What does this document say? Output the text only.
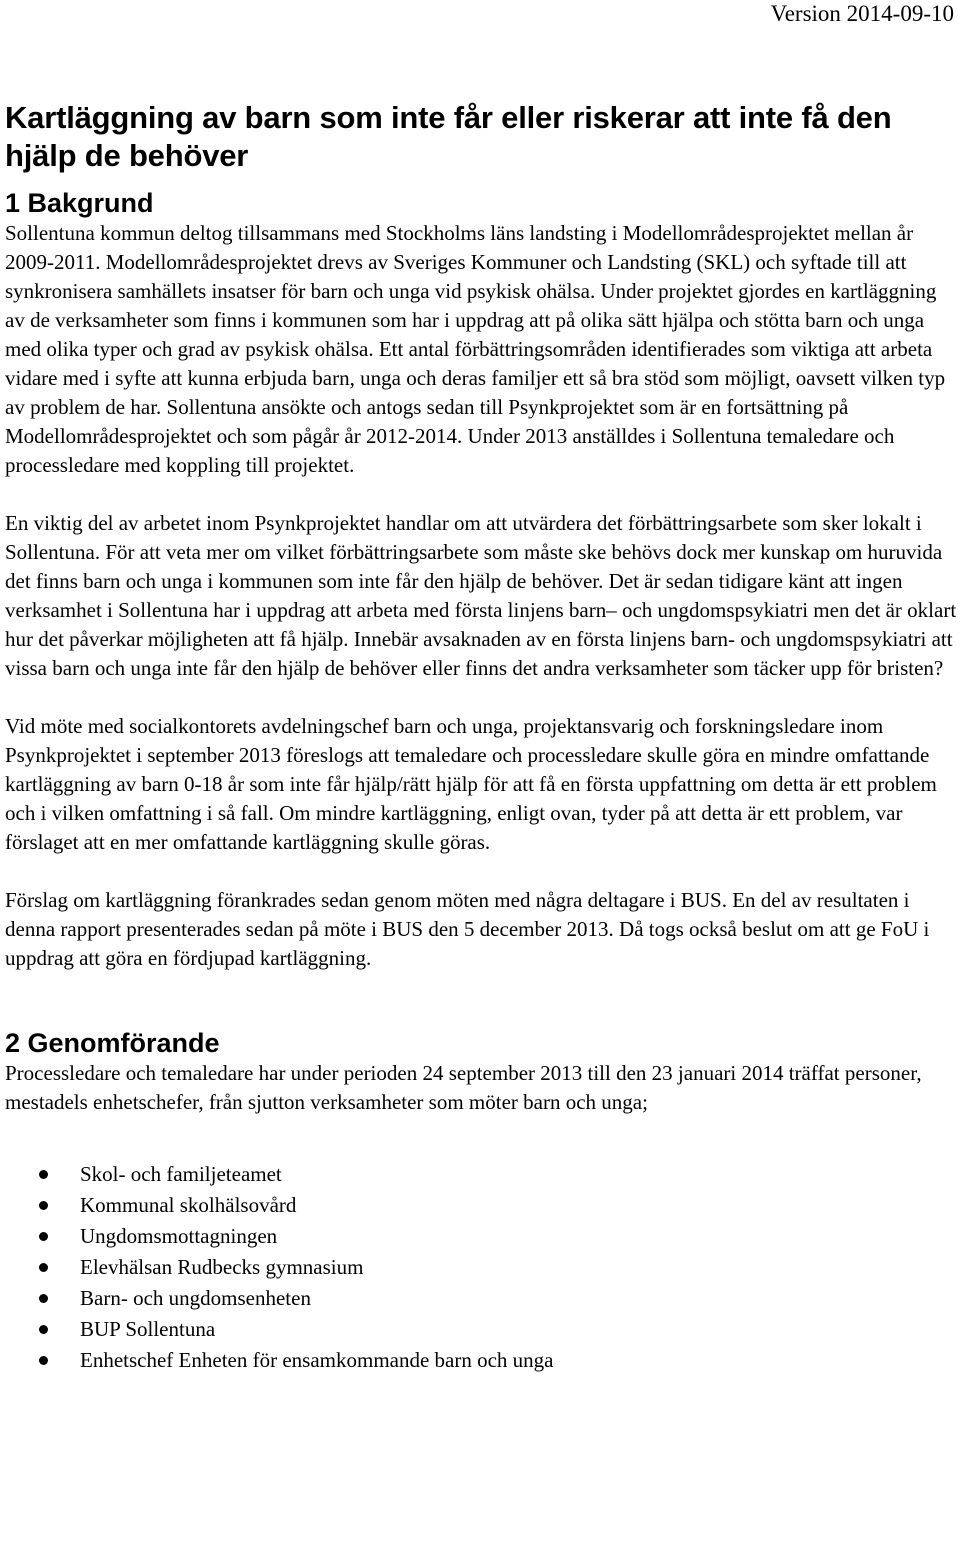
Version 2014-09-10
Kartläggning av barn som inte får eller riskerar att inte få den hjälp de behöver
1 Bakgrund

Sollentuna kommun deltog tillsammans med Stockholms läns landsting i Modellområdesprojektet mellan år 2009-2011. Modellområdesprojektet drevs av Sveriges Kommuner och Landsting (SKL) och syftade till att synkronisera samhällets insatser för barn och unga vid psykisk ohälsa. Under projektet gjordes en kartläggning av de verksamheter som finns i kommunen som har i uppdrag att på olika sätt hjälpa och stötta barn och unga med olika typer och grad av psykisk ohälsa. Ett antal förbättringsområden identifierades som viktiga att arbeta vidare med i syfte att kunna erbjuda barn, unga och deras familjer ett så bra stöd som möjligt, oavsett vilken typ av problem de har. Sollentuna ansökte och antogs sedan till Psynkprojektet som är en fortsättning på Modellområdesprojektet och som pågår år 2012-2014. Under 2013 anställdes i Sollentuna temaledare och processledare med koppling till projektet.

En viktig del av arbetet inom Psynkprojektet handlar om att utvärdera det förbättringsarbete som sker lokalt i Sollentuna. För att veta mer om vilket förbättringsarbete som måste ske behövs dock mer kunskap om huruvida det finns barn och unga i kommunen som inte får den hjälp de behöver. Det är sedan tidigare känt att ingen verksamhet i Sollentuna har i uppdrag att arbeta med första linjens barn– och ungdomspsykiatri men det är oklart hur det påverkar möjligheten att få hjälp. Innebär avsaknaden av en första linjens barn- och ungdomspsykiatri att vissa barn och unga inte får den hjälp de behöver eller finns det andra verksamheter som täcker upp för bristen?

Vid möte med socialkontorets avdelningschef barn och unga, projektansvarig och forskningsledare inom Psynkprojektet i september 2013 föreslogs att temaledare och processledare skulle göra en mindre omfattande kartläggning av barn 0-18 år som inte får hjälp/rätt hjälp för att få en första uppfattning om detta är ett problem och i vilken omfattning i så fall. Om mindre kartläggning, enligt ovan, tyder på att detta är ett problem, var förslaget att en mer omfattande kartläggning skulle göras.

Förslag om kartläggning förankrades sedan genom möten med några deltagare i BUS. En del av resultaten i denna rapport presenterades sedan på möte i BUS den 5 december 2013. Då togs också beslut om att ge FoU i uppdrag att göra en fördjupad kartläggning.

2 Genomförande

Processledare och temaledare har under perioden 24 september 2013 till den 23 januari 2014 träffat personer, mestadels enhetschefer, från sjutton verksamheter som möter barn och unga;

Skol- och familjeteamet
Kommunal skolhälsovård
Ungdomsmottagningen
Elevhälsan Rudbecks gymnasium
Barn- och ungdomsenheten
BUP Sollentuna
Enhetschef Enheten för ensamkommande barn och unga
